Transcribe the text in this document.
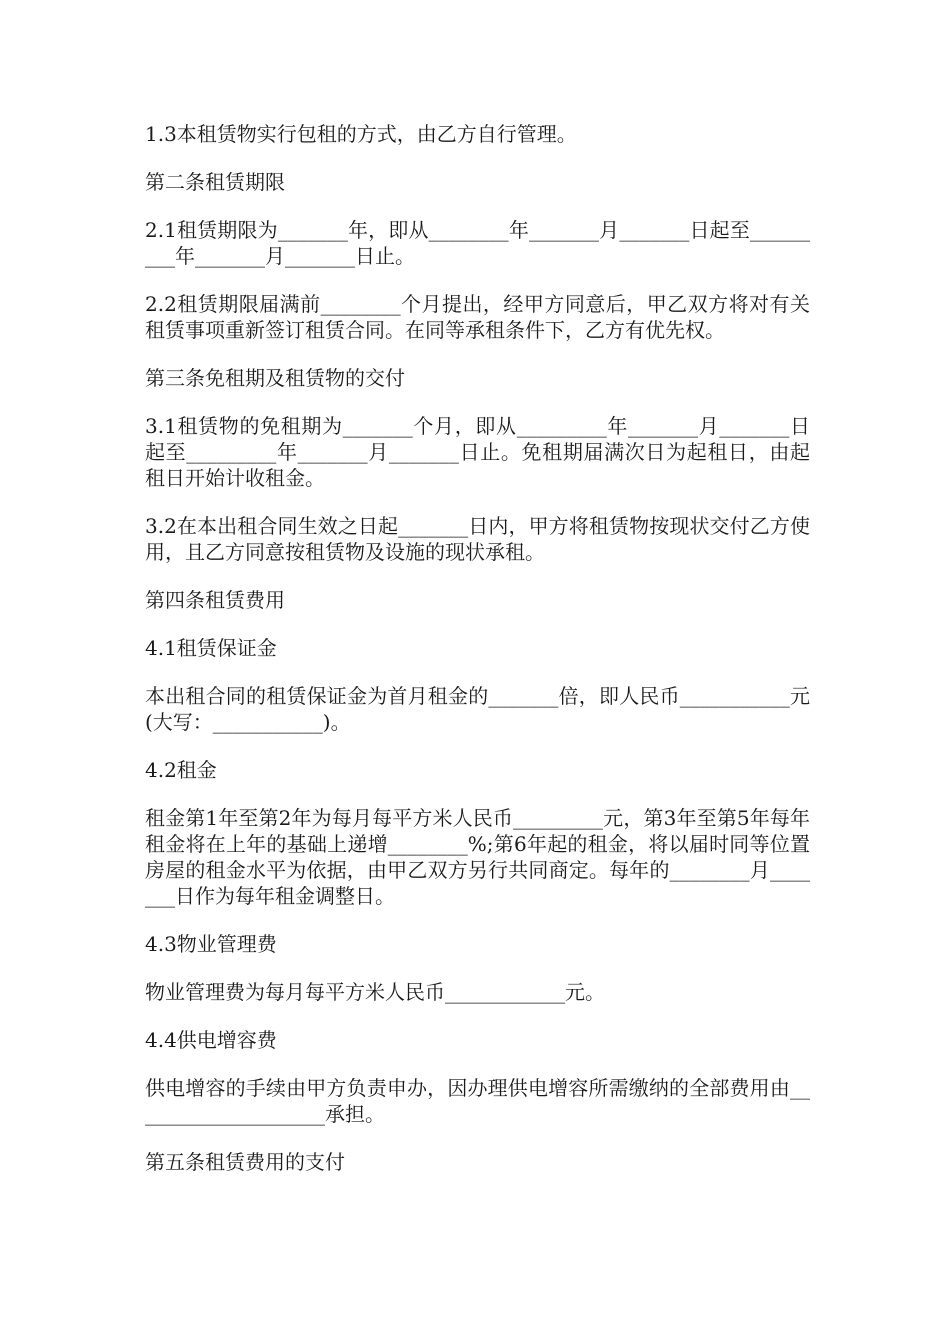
1.3本租赁物实行包租的方式，由乙方自行管理。

第二条租赁期限

2.1租赁期限为_______年，即从________年_______月_______日起至_________年_______月_______日止。

2.2租赁期限届满前________个月提出，经甲方同意后，甲乙双方将对有关租赁事项重新签订租赁合同。在同等承租条件下，乙方有优先权。

第三条免租期及租赁物的交付

3.1租赁物的免租期为_______个月，即从_________年_______月_______日起至_________年_______月_______日止。免租期届满次日为起租日，由起租日开始计收租金。

3.2在本出租合同生效之日起_______日内，甲方将租赁物按现状交付乙方使用，且乙方同意按租赁物及设施的现状承租。

第四条租赁费用

4.1租赁保证金

本出租合同的租赁保证金为首月租金的_______倍，即人民币___________元(大写：___________)。

4.2租金

租金第1年至第2年为每月每平方米人民币_________元，第3年至第5年每年租金将在上年的基础上递增________%;第6年起的租金，将以届时同等位置房屋的租金水平为依据，由甲乙双方另行共同商定。每年的________月_______日作为每年租金调整日。

4.3物业管理费

物业管理费为每月每平方米人民币____________元。

4.4供电增容费

供电增容的手续由甲方负责申办，因办理供电增容所需缴纳的全部费用由____________________承担。

第五条租赁费用的支付
